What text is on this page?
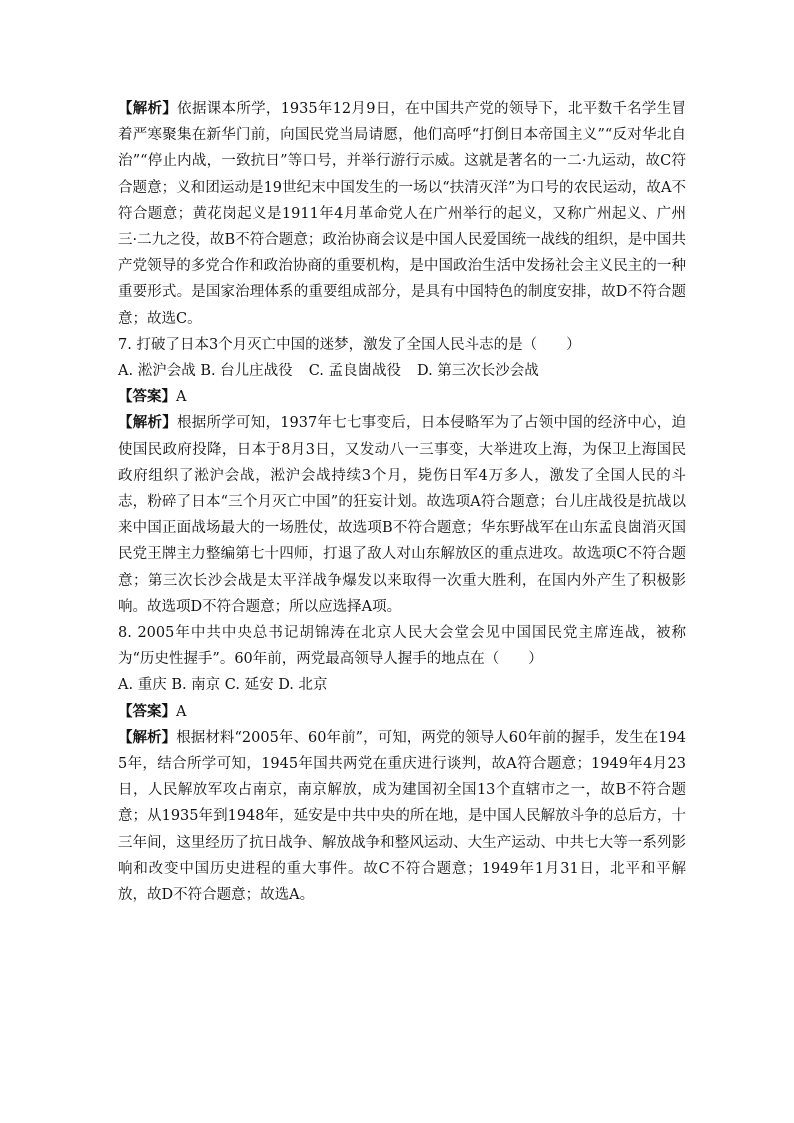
【解析】依据课本所学，1935年12月9日，在中国共产党的领导下，北平数千名学生冒着严寒聚集在新华门前，向国民党当局请愿，他们高呼“打倒日本帝国主义”“反对华北自治”“停止内战，一致抗日”等口号，并举行游行示威。这就是著名的一二·九运动，故C符合题意；义和团运动是19世纪末中国发生的一场以“扶清灭洋”为口号的农民运动，故A不符合题意；黄花岗起义是1911年4月革命党人在广州举行的起义，又称广州起义、广州三·二九之役，故B不符合题意；政治协商会议是中国人民爱国统一战线的组织，是中国共产党领导的多党合作和政治协商的重要机构，是中国政治生活中发扬社会主义民主的一种重要形式。是国家治理体系的重要组成部分，是具有中国特色的制度安排，故D不符合题意；故选C。

7. 打破了日本3个月灭亡中国的迷梦，激发了全国人民斗志的是（　　）

A. 淞沪会战 B. 台儿庄战役 C. 孟良崮战役 D. 第三次长沙会战

【答案】A

【解析】根据所学可知，1937年七七事变后，日本侵略军为了占领中国的经济中心，迫使国民政府投降，日本于8月3日，又发动八一三事变，大举进攻上海，为保卫上海国民政府组织了淞沪会战，淞沪会战持续3个月，毙伤日军4万多人，激发了全国人民的斗志，粉碎了日本“三个月灭亡中国”的狂妄计划。故选项A符合题意；台儿庄战役是抗战以来中国正面战场最大的一场胜仗，故选项B不符合题意；华东野战军在山东孟良崮消灭国民党王牌主力整编第七十四师，打退了敌人对山东解放区的重点进攻。故选项C不符合题意；第三次长沙会战是太平洋战争爆发以来取得一次重大胜利，在国内外产生了积极影响。故选项D不符合题意；所以应选择A项。

8. 2005年中共中央总书记胡锦涛在北京人民大会堂会见中国国民党主席连战，被称为“历史性握手”。60年前，两党最高领导人握手的地点在（　　）

A. 重庆 B. 南京 C. 延安 D. 北京

【答案】A

【解析】根据材料“2005年、60年前”，可知，两党的领导人60年前的握手，发生在1945年，结合所学可知，1945年国共两党在重庆进行谈判，故A符合题意；1949年4月23日，人民解放军攻占南京，南京解放，成为建国初全国13个直辖市之一，故B不符合题意；从1935年到1948年，延安是中共中央的所在地，是中国人民解放斗争的总后方，十三年间，这里经历了抗日战争、解放战争和整风运动、大生产运动、中共七大等一系列影响和改变中国历史进程的重大事件。故C不符合题意；1949年1月31日，北平和平解放，故D不符合题意；故选A。
